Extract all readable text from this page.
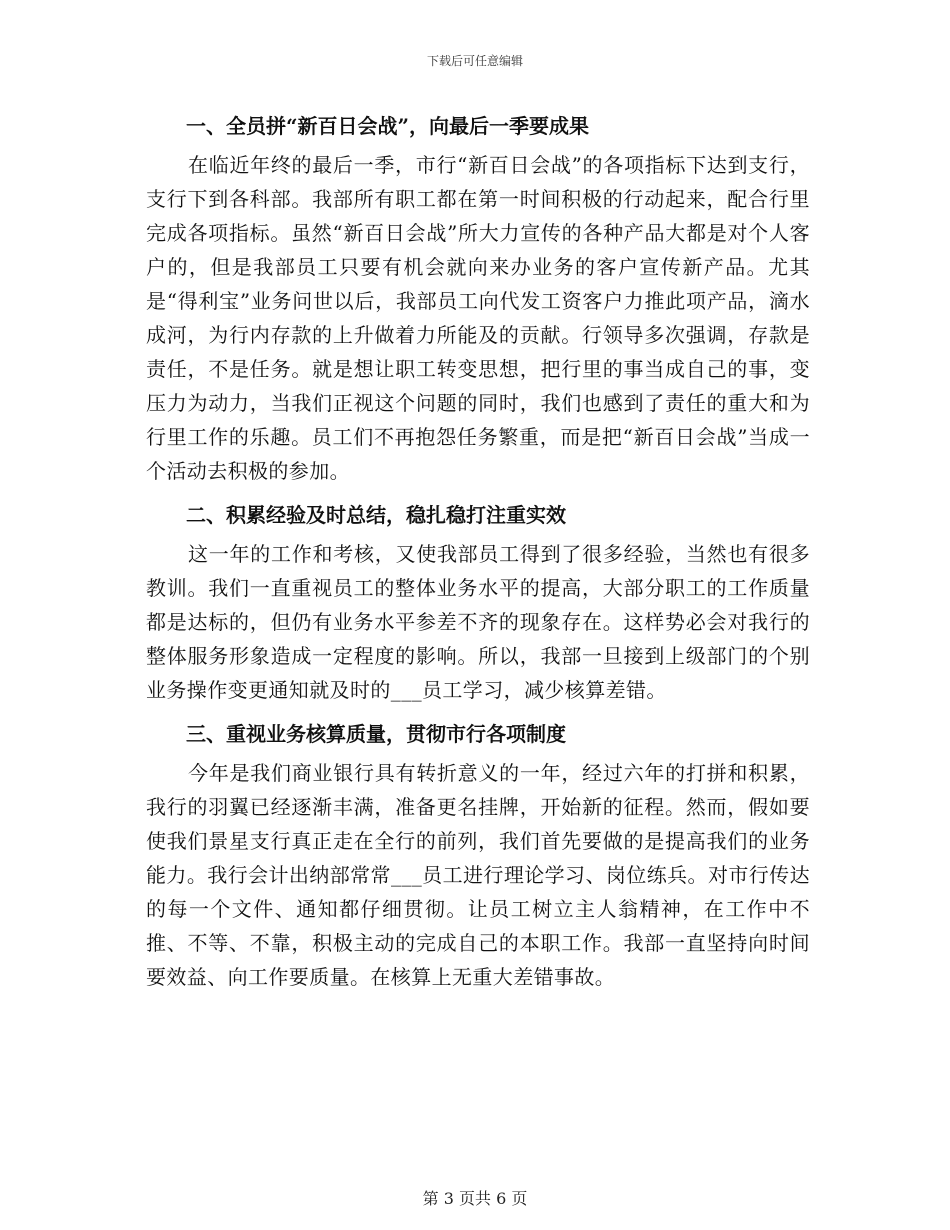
下载后可任意编辑
一、全员拼“新百日会战”，向最后一季要成果

在临近年终的最后一季，市行“新百日会战”的各项指标下达到支行，支行下到各科部。我部所有职工都在第一时间积极的行动起来，配合行里完成各项指标。虽然“新百日会战”所大力宣传的各种产品大都是对个人客户的，但是我部员工只要有机会就向来办业务的客户宣传新产品。尤其是“得利宝”业务问世以后，我部员工向代发工资客户力推此项产品，滴水成河，为行内存款的上升做着力所能及的贡献。行领导多次强调，存款是责任，不是任务。就是想让职工转变思想，把行里的事当成自己的事，变压力为动力，当我们正视这个问题的同时，我们也感到了责任的重大和为行里工作的乐趣。员工们不再抱怨任务繁重，而是把“新百日会战”当成一个活动去积极的参加。

二、积累经验及时总结，稳扎稳打注重实效

这一年的工作和考核，又使我部员工得到了很多经验，当然也有很多教训。我们一直重视员工的整体业务水平的提高，大部分职工的工作质量都是达标的，但仍有业务水平参差不齐的现象存在。这样势必会对我行的整体服务形象造成一定程度的影响。所以，我部一旦接到上级部门的个别业务操作变更通知就及时的___员工学习，减少核算差错。

三、重视业务核算质量，贯彻市行各项制度

今年是我们商业银行具有转折意义的一年，经过六年的打拼和积累，我行的羽翼已经逐渐丰满，准备更名挂牌，开始新的征程。然而，假如要使我们景星支行真正走在全行的前列，我们首先要做的是提高我们的业务能力。我行会计出纳部常常___员工进行理论学习、岗位练兵。对市行传达的每一个文件、通知都仔细贯彻。让员工树立主人翁精神，在工作中不推、不等、不靠，积极主动的完成自己的本职工作。我部一直坚持向时间要效益、向工作要质量。在核算上无重大差错事故。

第 3 页共 6 页
